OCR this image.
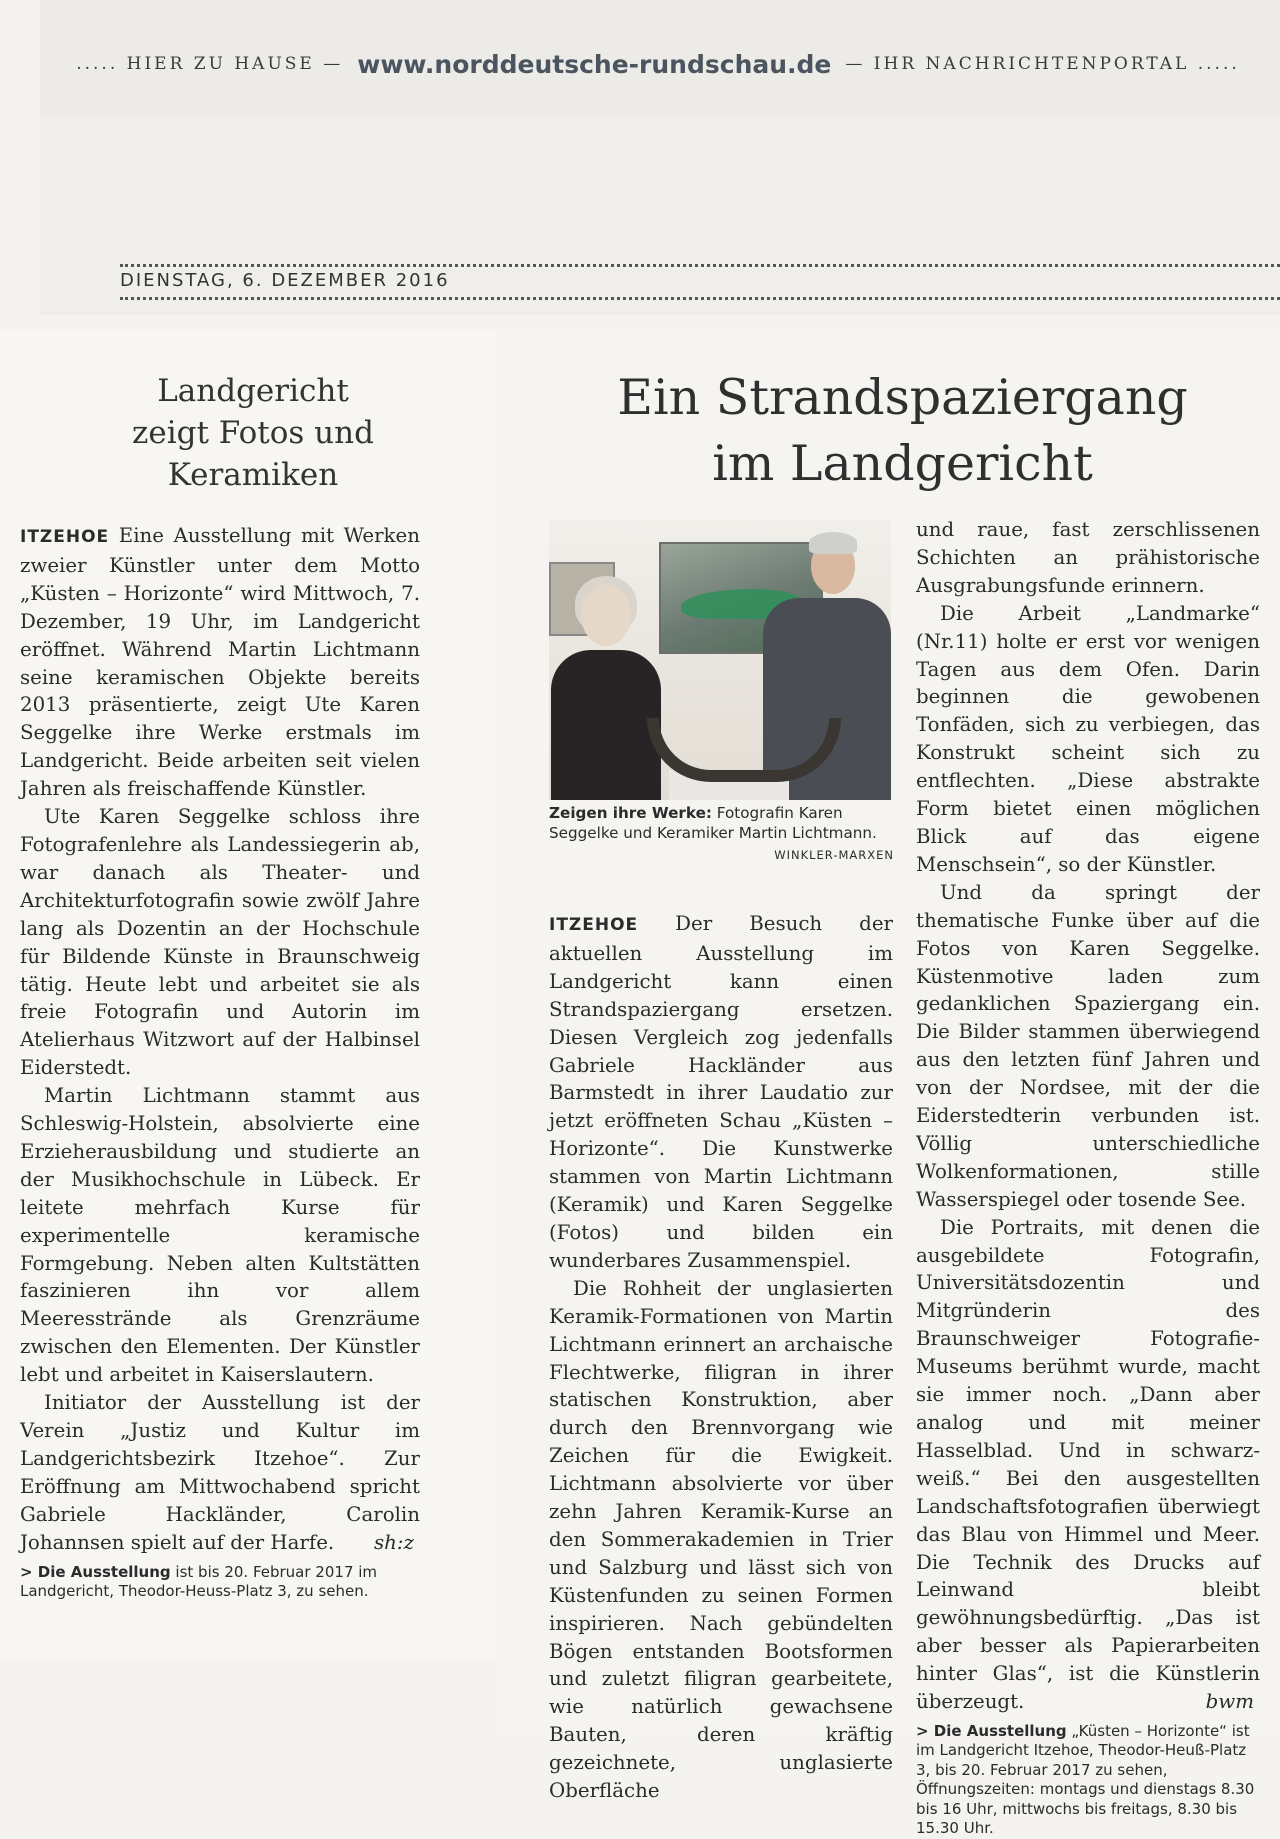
..... HIER ZU HAUSE — www.norddeutsche-rundschau.de — IHR NACHRICHTENPORTAL .....
DIENSTAG, 6. DEZEMBER 2016
Landgericht
zeigt Fotos und
Keramiken

ITZEHOE Eine Ausstellung mit Werken zweier Künstler unter dem Motto „Küsten – Horizonte“ wird Mittwoch, 7. Dezember, 19 Uhr, im Landgericht eröffnet. Während Martin Lichtmann seine keramischen Objekte bereits 2013 präsentierte, zeigt Ute Karen Seggelke ihre Werke erstmals im Landgericht. Beide arbeiten seit vielen Jahren als freischaffende Künstler.

Ute Karen Seggelke schloss ihre Fotografenlehre als Landessiegerin ab, war danach als Theater- und Architekturfotografin sowie zwölf Jahre lang als Dozentin an der Hochschule für Bildende Künste in Braunschweig tätig. Heute lebt und arbeitet sie als freie Fotografin und Autorin im Atelierhaus Witzwort auf der Halbinsel Eiderstedt.

Martin Lichtmann stammt aus Schleswig-Holstein, absolvierte eine Erzieherausbildung und studierte an der Musikhochschule in Lübeck. Er leitete mehrfach Kurse für experimentelle keramische Formgebung. Neben alten Kultstätten faszinieren ihn vor allem Meeresstrände als Grenzräume zwischen den Elementen. Der Künstler lebt und arbeitet in Kaiserslautern.

Initiator der Ausstellung ist der Verein „Justiz und Kultur im Landgerichtsbezirk Itzehoe“. Zur Eröffnung am Mittwochabend spricht Gabriele Hackländer, Carolin Johannsen spielt auf der Harfe.	sh:z

> Die Ausstellung ist bis 20. Februar 2017 im Landgericht, Theodor-Heuss-Platz 3, zu sehen.
Ein Strandspaziergang
im Landgericht
Zeigen ihre Werke: Fotografin Karen Seggelke und Keramiker Martin Lichtmann.
WINKLER-MARXEN

ITZEHOE Der Besuch der aktuellen Ausstellung im Landgericht kann einen Strandspaziergang ersetzen. Diesen Vergleich zog jedenfalls Gabriele Hackländer aus Barmstedt in ihrer Laudatio zur jetzt eröffneten Schau „Küsten – Horizonte“. Die Kunstwerke stammen von Martin Lichtmann (Keramik) und Karen Seggelke (Fotos) und bilden ein wunderbares Zusammenspiel.

Die Rohheit der unglasierten Keramik-Formationen von Martin Lichtmann erinnert an archaische Flechtwerke, filigran in ihrer statischen Konstruktion, aber durch den Brennvorgang wie Zeichen für die Ewigkeit. Lichtmann absolvierte vor über zehn Jahren Keramik-Kurse an den Sommerakademien in Trier und Salzburg und lässt sich von Küstenfunden zu seinen Formen inspirieren. Nach gebündelten Bögen entstanden Bootsformen und zuletzt filigran gearbeitete, wie natürlich gewachsene Bauten, deren kräftig gezeichnete, unglasierte Oberfläche

und raue, fast zerschlissenen Schichten an prähistorische Ausgrabungsfunde erinnern.

Die Arbeit „Landmarke“ (Nr.11) holte er erst vor wenigen Tagen aus dem Ofen. Darin beginnen die gewobenen Tonfäden, sich zu verbiegen, das Konstrukt scheint sich zu entflechten. „Diese abstrakte Form bietet einen möglichen Blick auf das eigene Menschsein“, so der Künstler.

Und da springt der thematische Funke über auf die Fotos von Karen Seggelke. Küstenmotive laden zum gedanklichen Spaziergang ein. Die Bilder stammen überwiegend aus den letzten fünf Jahren und von der Nordsee, mit der die Eiderstedterin verbunden ist. Völlig unterschiedliche Wolkenformationen, stille Wasserspiegel oder tosende See.

Die Portraits, mit denen die ausgebildete Fotografin, Universitätsdozentin und Mitgründerin des Braunschweiger Fotografie-Museums berühmt wurde, macht sie immer noch. „Dann aber analog und mit meiner Hasselblad. Und in schwarz-weiß.“ Bei den ausgestellten Landschaftsfotografien überwiegt das Blau von Himmel und Meer. Die Technik des Drucks auf Leinwand bleibt gewöhnungsbedürftig. „Das ist aber besser als Papierarbeiten hinter Glas“, ist die Künstlerin überzeugt.	bwm

> Die Ausstellung „Küsten – Horizonte“ ist im Landgericht Itzehoe, Theodor-Heuß-Platz 3, bis 20. Februar 2017 zu sehen, Öffnungszeiten: montags und dienstags 8.30 bis 16 Uhr, mittwochs bis freitags, 8.30 bis 15.30 Uhr.
